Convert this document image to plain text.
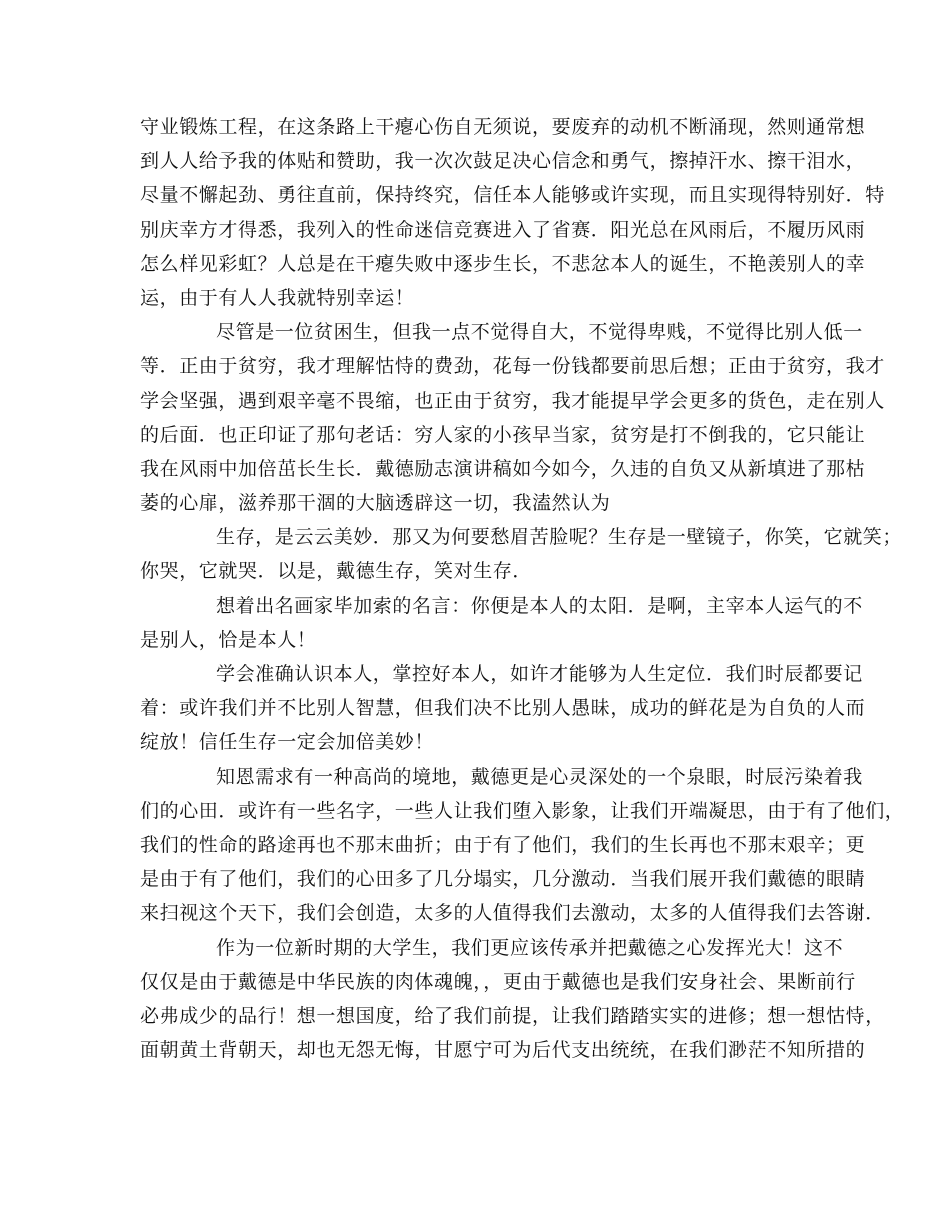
守业锻炼工程，在这条路上干瘪心伤自无须说，要废弃的动机不断涌现，然则通常想
到人人给予我的体贴和赞助，我一次次鼓足决心信念和勇气，擦掉汗水、擦干泪水，
尽量不懈起劲、勇往直前，保持终究，信任本人能够或许实现，而且实现得特别好．特
别庆幸方才得悉，我列入的性命迷信竞赛进入了省赛．阳光总在风雨后，不履历风雨
怎么样见彩虹？人总是在干瘪失败中逐步生长，不悲忿本人的诞生，不艳羡别人的幸
运，由于有人人我就特别幸运！
尽管是一位贫困生，但我一点不觉得自大，不觉得卑贱，不觉得比别人低一
等．正由于贫穷，我才理解怙恃的费劲，花每一份钱都要前思后想；正由于贫穷，我才
学会坚强，遇到艰辛毫不畏缩，也正由于贫穷，我才能提早学会更多的货色，走在别人
的后面．也正印证了那句老话：穷人家的小孩早当家，贫穷是打不倒我的，它只能让
我在风雨中加倍茁长生长．戴德励志演讲稿如今如今，久违的自负又从新填进了那枯
萎的心扉，滋养那干涸的大脑透辟这一切，我溘然认为
生存，是云云美妙．那又为何要愁眉苦脸呢？生存是一壁镜子，你笑，它就笑；
你哭，它就哭．以是，戴德生存，笑对生存．
想着出名画家毕加索的名言：你便是本人的太阳．是啊，主宰本人运气的不
是别人，恰是本人！
学会准确认识本人，掌控好本人，如许才能够为人生定位．我们时辰都要记
着：或许我们并不比别人智慧，但我们决不比别人愚昧，成功的鲜花是为自负的人而
绽放！信任生存一定会加倍美妙！
知恩需求有一种高尚的境地，戴德更是心灵深处的一个泉眼，时辰污染着我
们的心田．或许有一些名字，一些人让我们堕入影象，让我们开端凝思，由于有了他们，
我们的性命的路途再也不那末曲折；由于有了他们，我们的生长再也不那末艰辛；更
是由于有了他们，我们的心田多了几分塌实，几分激动．当我们展开我们戴德的眼睛
来扫视这个天下，我们会创造，太多的人值得我们去激动，太多的人值得我们去答谢．
作为一位新时期的大学生，我们更应该传承并把戴德之心发挥光大！这不
仅仅是由于戴德是中华民族的肉体魂魄，，更由于戴德也是我们安身社会、果断前行
必弗成少的品行！想一想国度，给了我们前提，让我们踏踏实实的进修；想一想怙恃，
面朝黄土背朝天，却也无怨无悔，甘愿宁可为后代支出统统，在我们渺茫不知所措的
